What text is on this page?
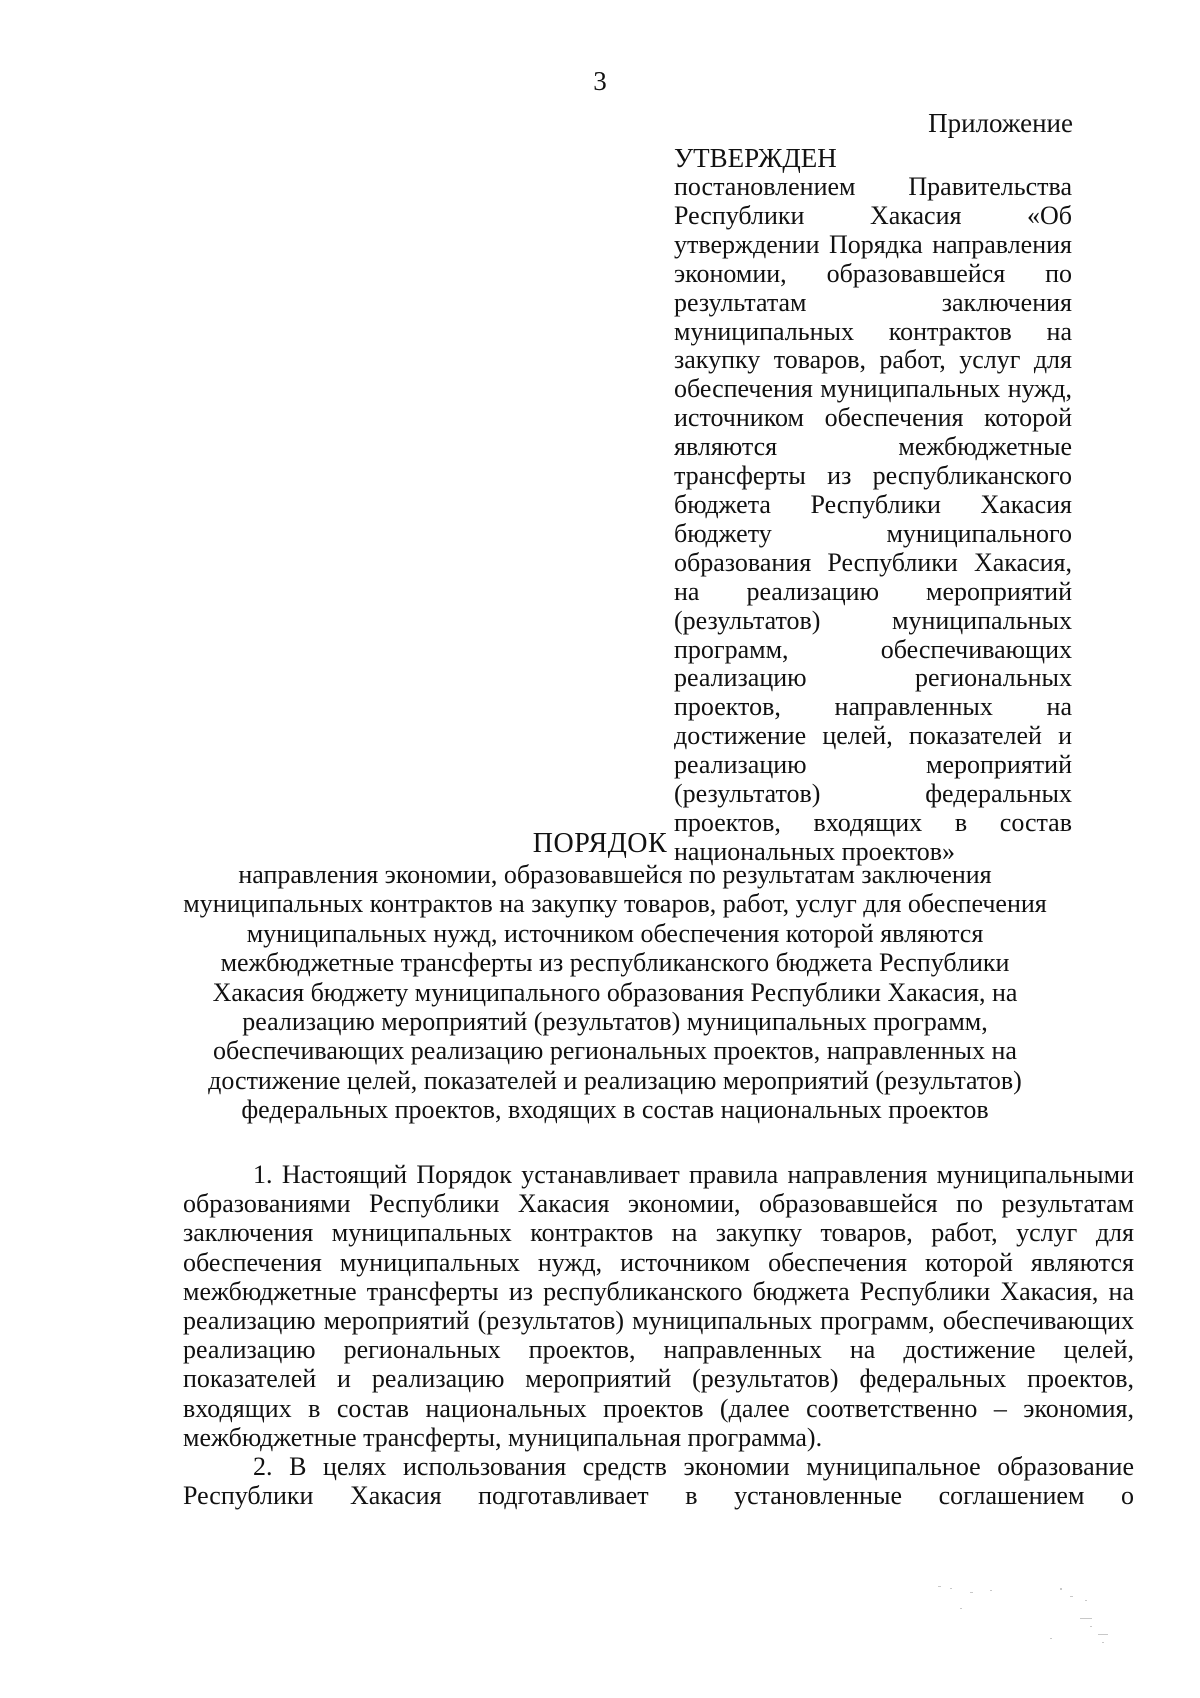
3
Приложение
УТВЕРЖДЕН

постановлением Правительства Республики Хакасия «Об утверждении Порядка направления экономии, образовавшейся по результатам заключения муниципальных контрактов на закупку товаров, работ, услуг для обеспечения муниципальных нужд, источником обеспечения которой являются межбюджетные трансферты из республиканского бюджета Республики Хакасия бюджету муниципального образования Республики Хакасия, на реализацию мероприятий (результатов) муниципальных программ, обеспечивающих реализацию региональных проектов, направленных на достижение целей, показателей и реализацию мероприятий (результатов) федеральных проектов, входящих в состав национальных проектов»

ПОРЯДОК

направления экономии, образовавшейся по результатам заключения муниципальных контрактов на закупку товаров, работ, услуг для обеспечения муниципальных нужд, источником обеспечения которой являются межбюджетные трансферты из республиканского бюджета Республики Хакасия бюджету муниципального образования Республики Хакасия, на реализацию мероприятий (результатов) муниципальных программ, обеспечивающих реализацию региональных проектов, направленных на достижение целей, показателей и реализацию мероприятий (результатов) федеральных проектов, входящих в состав национальных проектов

1. Настоящий Порядок устанавливает правила направления муниципальными образованиями Республики Хакасия экономии, образовавшейся по результатам заключения муниципальных контрактов на закупку товаров, работ, услуг для обеспечения муниципальных нужд, источником обеспечения которой являются межбюджетные трансферты из республиканского бюджета Республики Хакасия, на реализацию мероприятий (результатов) муниципальных программ, обеспечивающих реализацию региональных проектов, направленных на достижение целей, показателей и реализацию мероприятий (результатов) федеральных проектов, входящих в состав национальных проектов (далее соответственно – экономия, межбюджетные трансферты, муниципальная программа).

2. В целях использования средств экономии муниципальное образование Республики Хакасия подготавливает в установленные соглашением о
